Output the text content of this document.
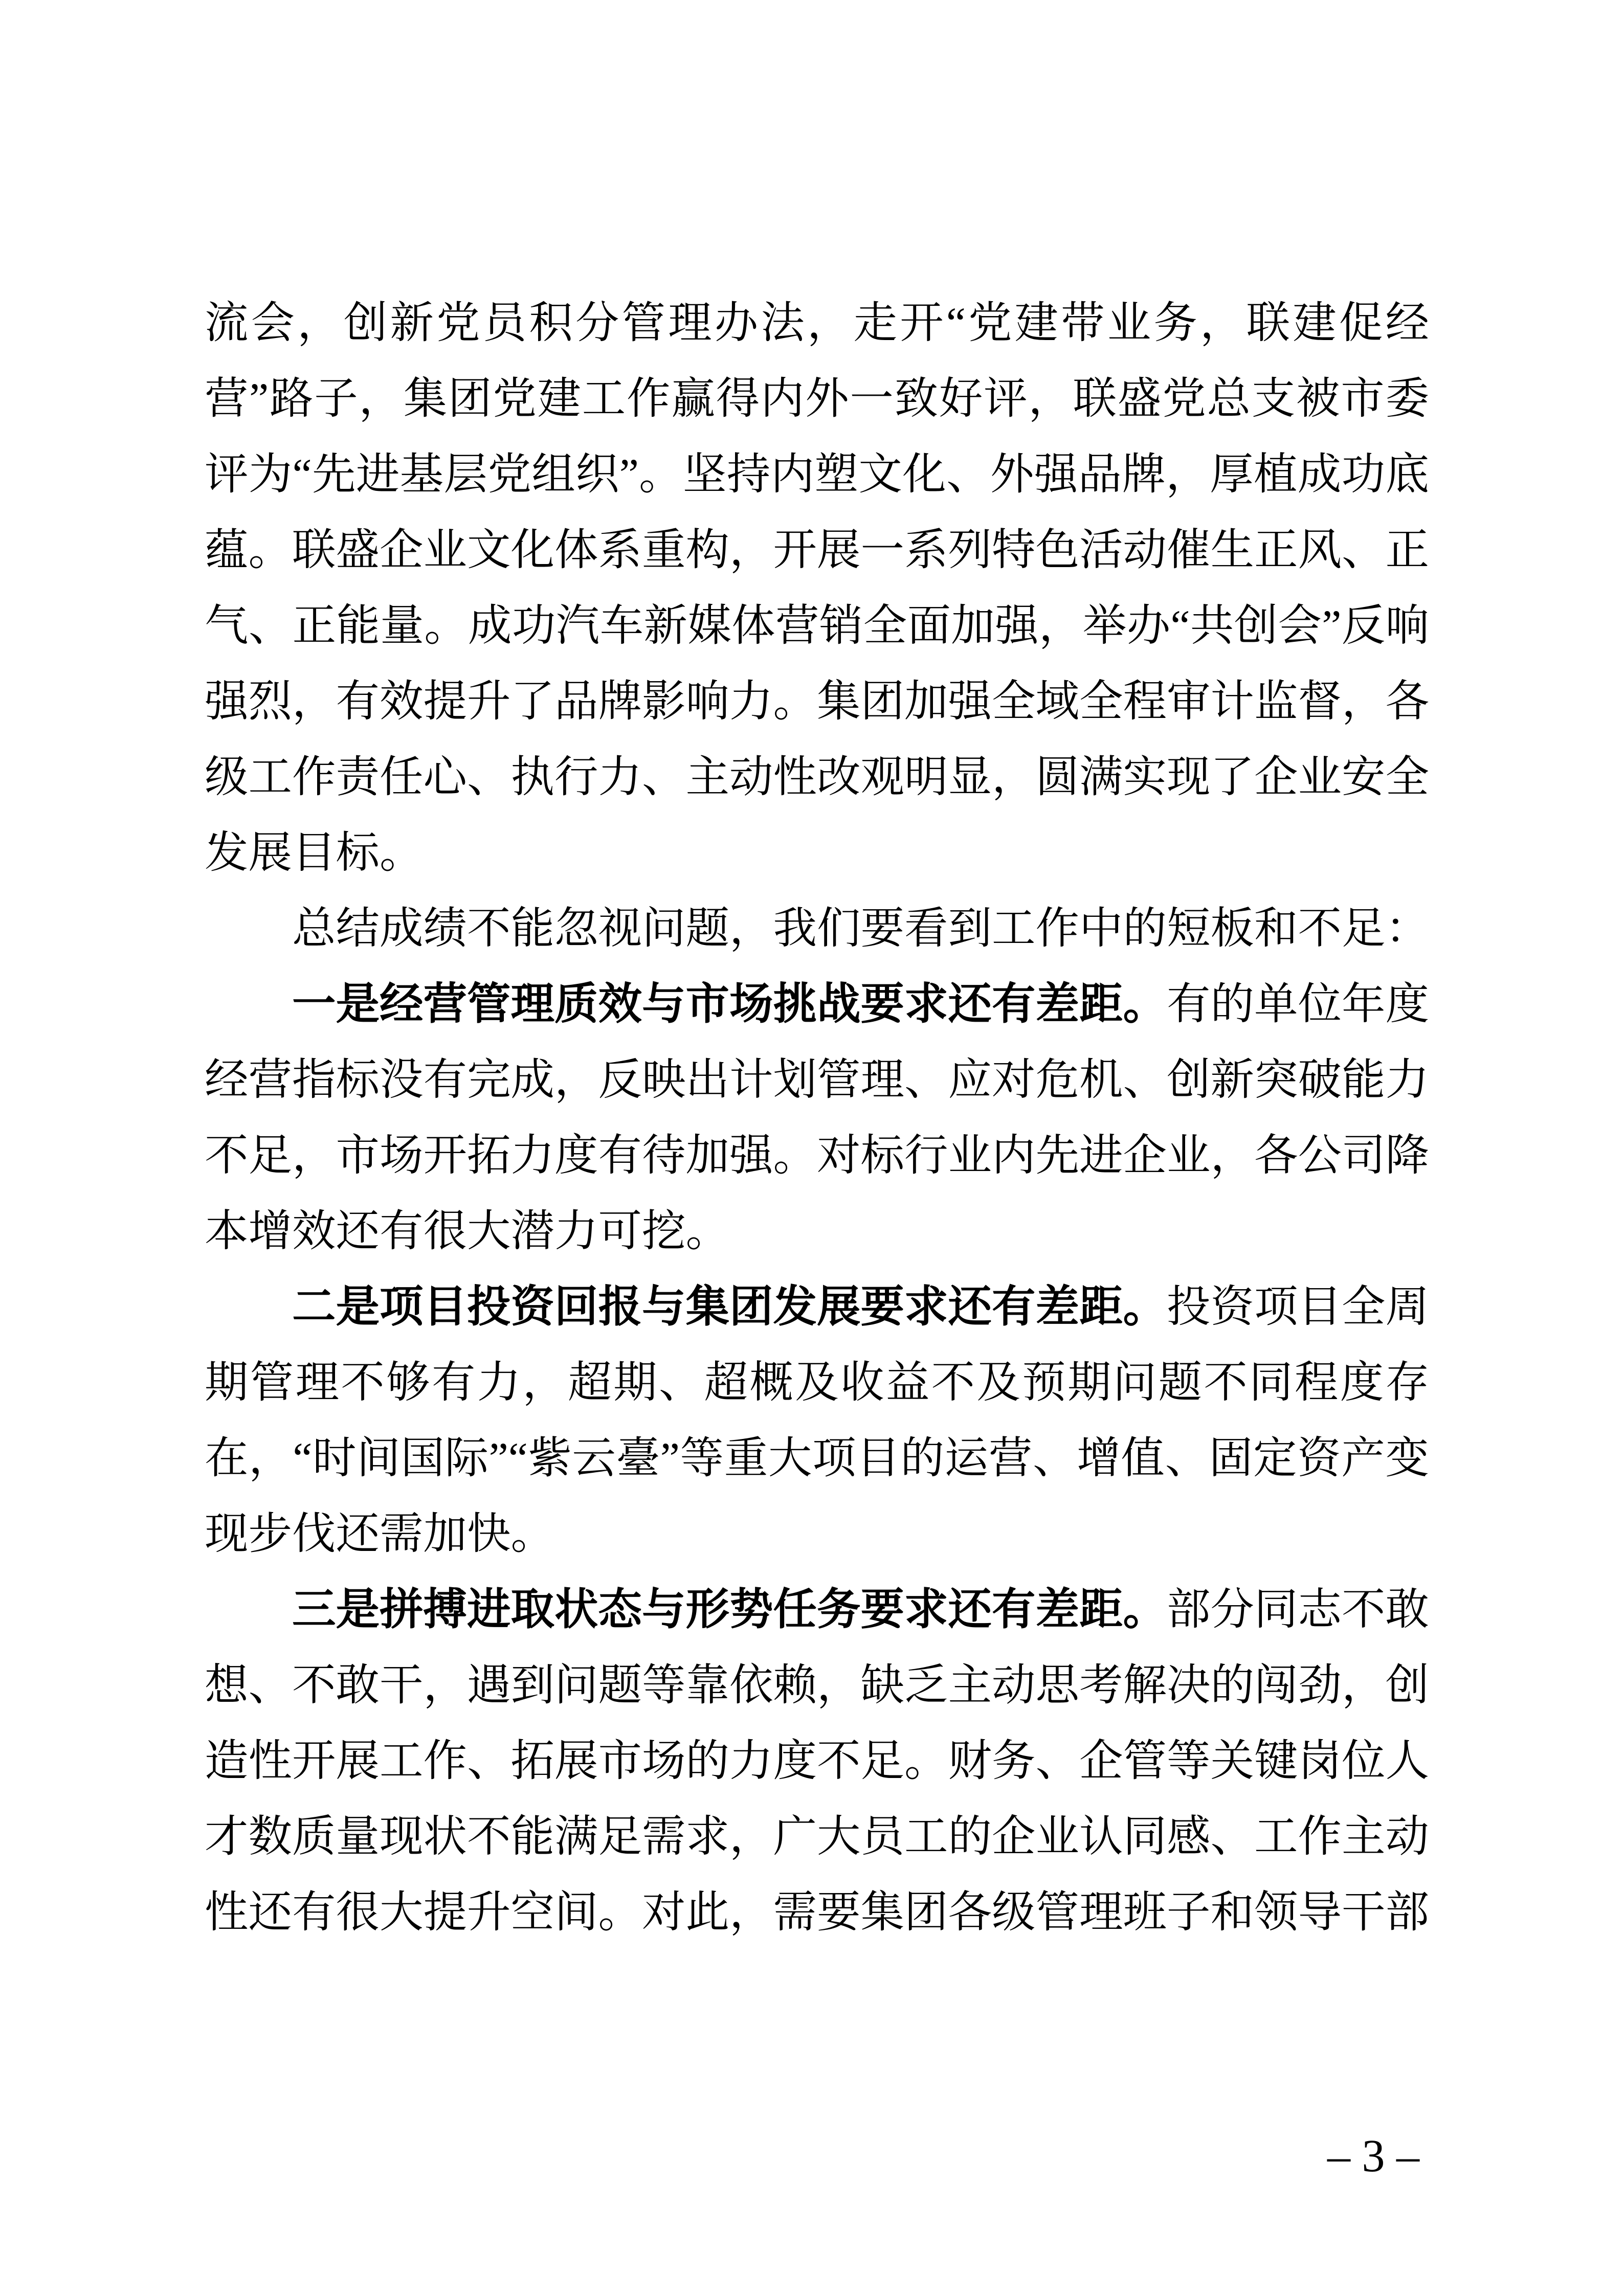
流会，创新党员积分管理办法，走开“党建带业务，联建促经营”路子，集团党建工作赢得内外一致好评，联盛党总支被市委评为“先进基层党组织”。坚持内塑文化、外强品牌，厚植成功底蕴。联盛企业文化体系重构，开展一系列特色活动催生正风、正气、正能量。成功汽车新媒体营销全面加强，举办“共创会”反响强烈，有效提升了品牌影响力。集团加强全域全程审计监督，各级工作责任心、执行力、主动性改观明显，圆满实现了企业安全发展目标。

总结成绩不能忽视问题，我们要看到工作中的短板和不足：

一是经营管理质效与市场挑战要求还有差距。有的单位年度经营指标没有完成，反映出计划管理、应对危机、创新突破能力不足，市场开拓力度有待加强。对标行业内先进企业，各公司降本增效还有很大潜力可挖。

二是项目投资回报与集团发展要求还有差距。投资项目全周期管理不够有力，超期、超概及收益不及预期问题不同程度存在，“时间国际”“紫云臺”等重大项目的运营、增值、固定资产变现步伐还需加快。

三是拼搏进取状态与形势任务要求还有差距。部分同志不敢想、不敢干，遇到问题等靠依赖，缺乏主动思考解决的闯劲，创造性开展工作、拓展市场的力度不足。财务、企管等关键岗位人才数质量现状不能满足需求，广大员工的企业认同感、工作主动性还有很大提升空间。对此，需要集团各级管理班子和领导干部

– 3 –
